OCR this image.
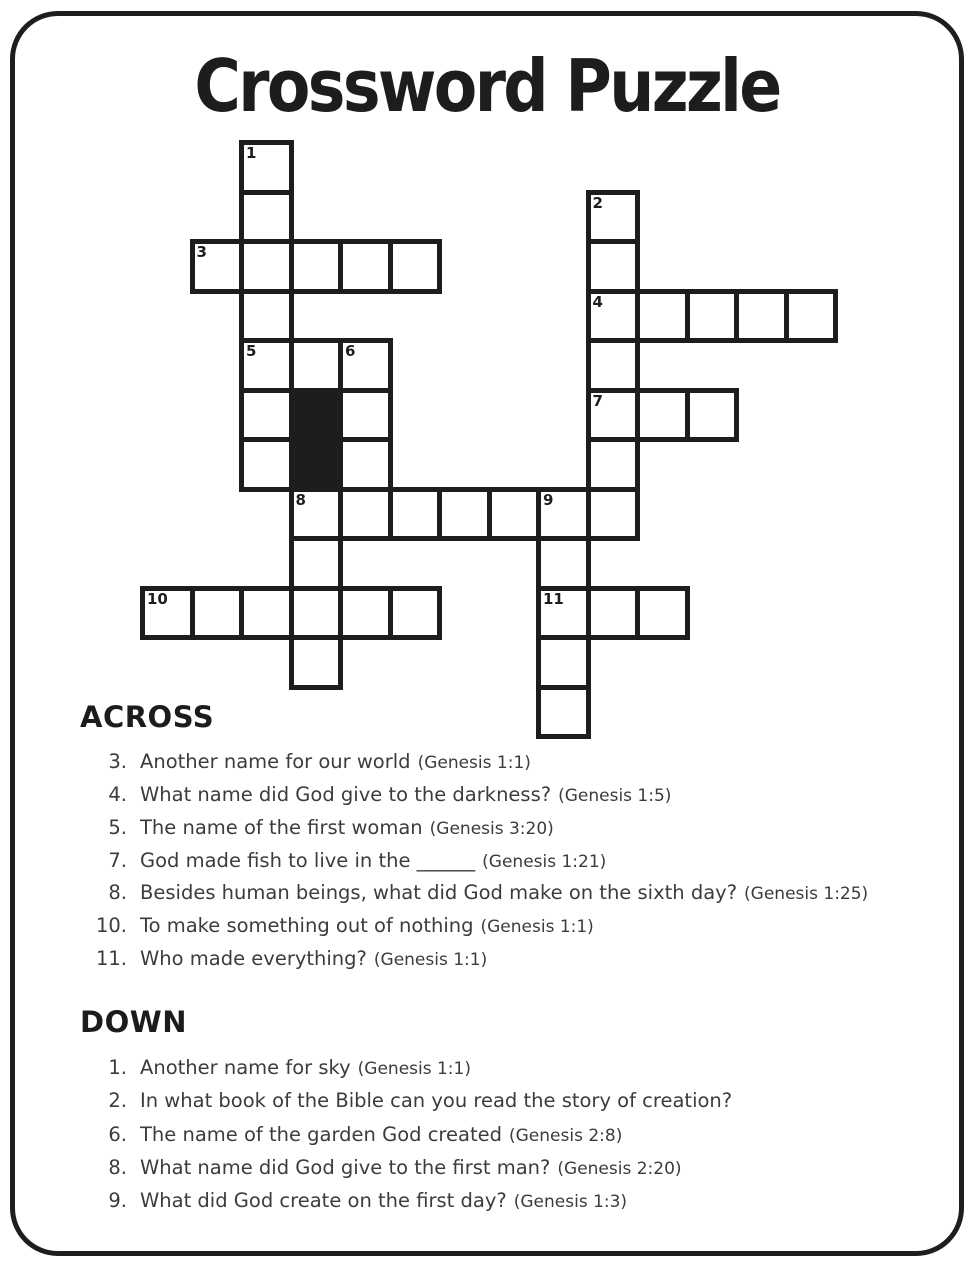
Crossword Puzzle
1
2
3
4
5	6
7
8	9
10	11
ACROSS
3. Another name for our world (Genesis 1:1)
4. What name did God give to the darkness? (Genesis 1:5)
5. The name of the first woman (Genesis 3:20)
7. God made fish to live in the ______ (Genesis 1:21)
8. Besides human beings, what did God make on the sixth day? (Genesis 1:25)
10. To make something out of nothing (Genesis 1:1)
11. Who made everything? (Genesis 1:1)
DOWN
1. Another name for sky (Genesis 1:1)
2. In what book of the Bible can you read the story of creation?
6. The name of the garden God created (Genesis 2:8)
8. What name did God give to the first man? (Genesis 2:20)
9. What did God create on the first day? (Genesis 1:3)
